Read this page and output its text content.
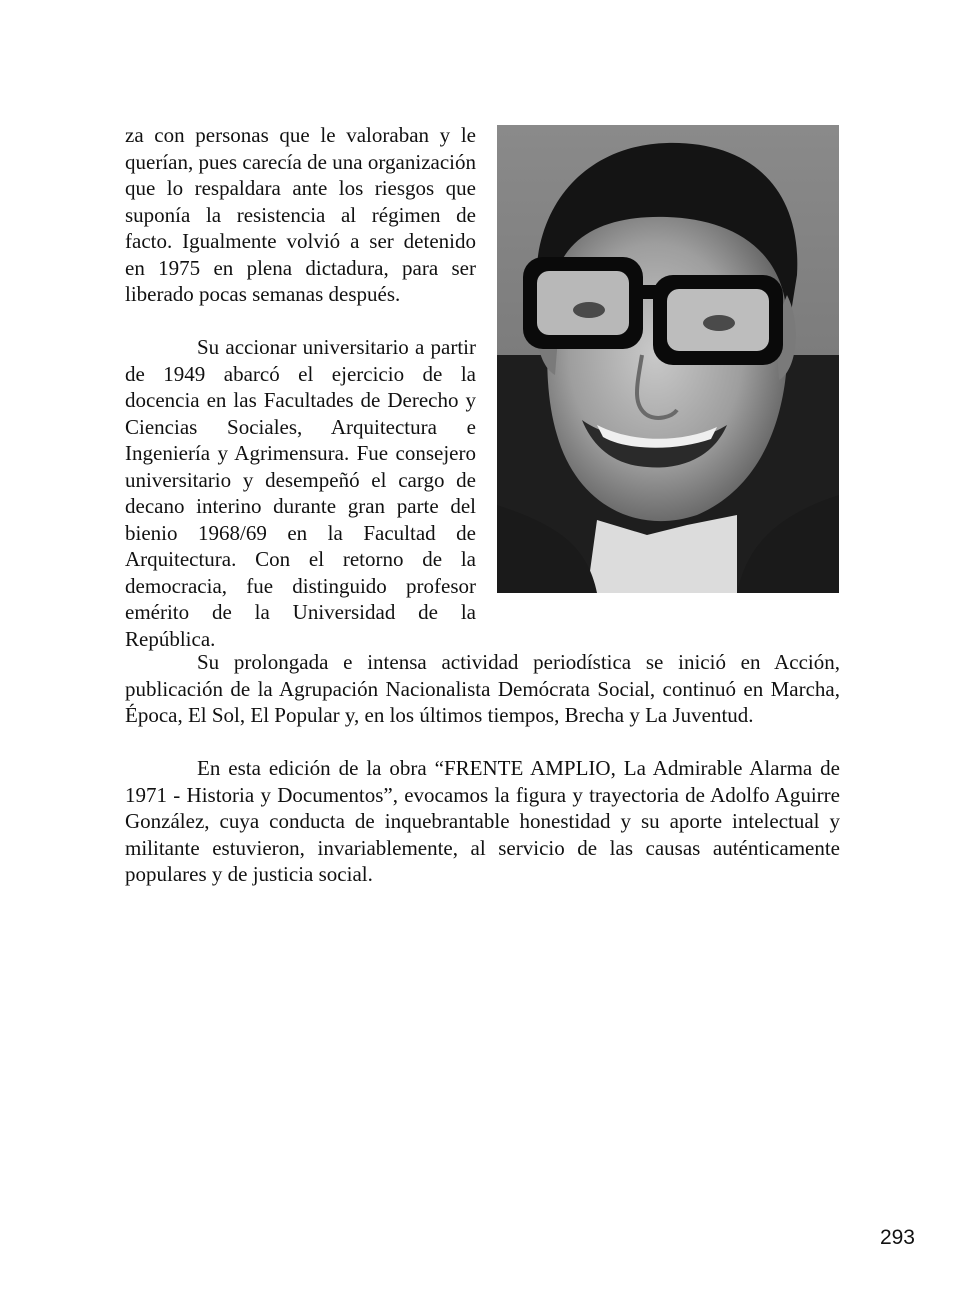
za con personas que le valoraban y le querían, pues carecía de una organización que lo respaldara ante los riesgos que suponía la resistencia al régimen de facto. Igualmente volvió a ser detenido en 1975 en plena dictadura, para ser liberado pocas semanas después.

Su accionar universitario a partir de 1949 abarcó el ejercicio de la docencia en las Facultades de Derecho y Ciencias Sociales, Arquitectura e Ingeniería y Agrimensura. Fue consejero universitario y desempeñó el cargo de decano interino durante gran parte del bienio 1968/69 en la Facultad de Arquitectura. Con el retorno de la democracia, fue distinguido profesor emérito de la Universidad de la República.

Su prolongada e intensa actividad periodística se inició en Acción, publicación de la Agrupación Nacionalista Demócrata Social, continuó en Marcha, Época, El Sol, El Popular y, en los últimos tiempos, Brecha y La Juventud.

En esta edición de la obra “FRENTE AMPLIO, La Admirable Alarma de 1971 - Historia y Documentos”, evocamos la figura y trayectoria de Adolfo Aguirre González, cuya conducta de inquebrantable honestidad y su aporte intelectual y militante estuvieron, invariablemente, al servicio de las causas auténticamente populares y de justicia social.

293
